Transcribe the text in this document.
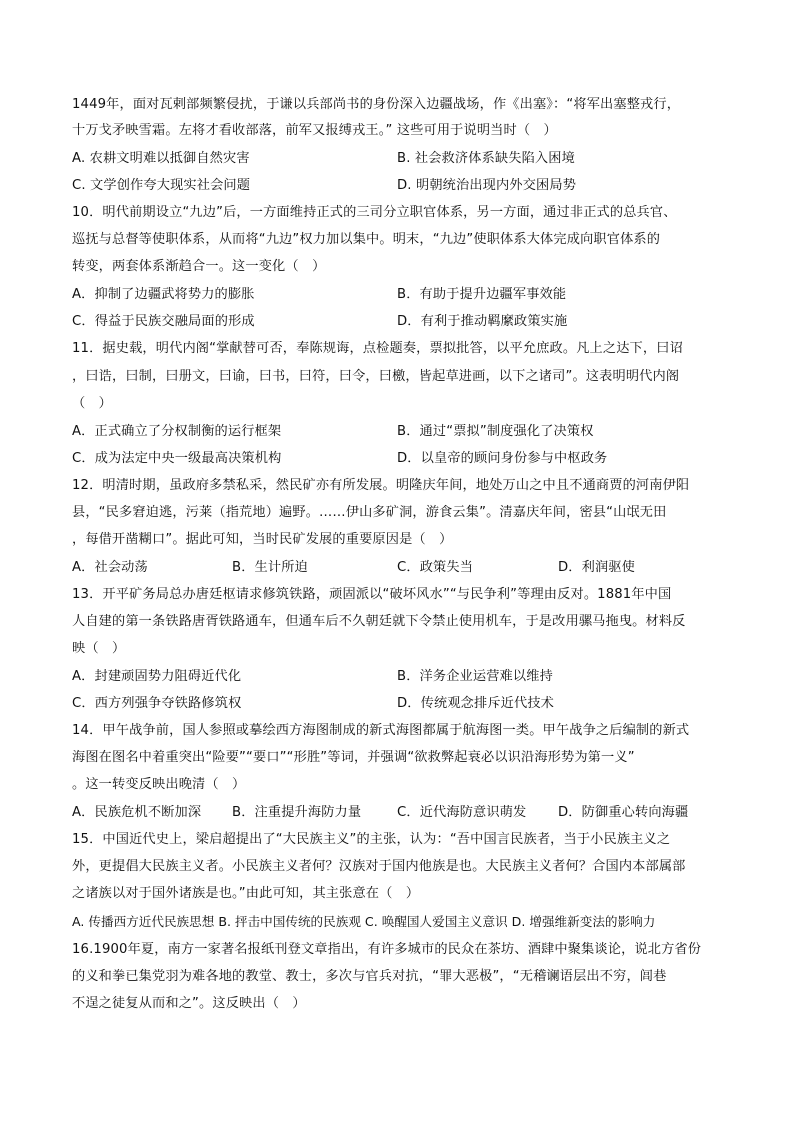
1449年，面对瓦剌部频繁侵扰，于谦以兵部尚书的身份深入边疆战场，作《出塞》：“将军出塞整戎行，
十万戈矛映雪霜。左将才看收部落，前军又报缚戎王。” 这些可用于说明当时（　）
A. 农耕文明难以抵御自然灾害	B. 社会救济体系缺失陷入困境
C. 文学创作夸大现实社会问题	D. 明朝统治出现内外交困局势
10．明代前期设立“九边”后，一方面维持正式的三司分立职官体系，另一方面，通过非正式的总兵官、
巡抚与总督等使职体系，从而将“九边”权力加以集中。明末，“九边”使职体系大体完成向职官体系的
转变，两套体系渐趋合一。这一变化（　）
A．抑制了边疆武将势力的膨胀	B．有助于提升边疆军事效能
C．得益于民族交融局面的形成	D．有利于推动羁縻政策实施
11．据史载，明代内阁“掌献替可否，奉陈规诲，点检题奏，票拟批答，以平允庶政。凡上之达下，曰诏
，曰诰，曰制，曰册文，曰谕，曰书，曰符，曰令，曰檄，皆起草进画，以下之诸司”。这表明明代内阁
（　）
A．正式确立了分权制衡的运行框架	B．通过“票拟”制度强化了决策权
C．成为法定中央一级最高决策机构	D．以皇帝的顾问身份参与中枢政务
12．明清时期，虽政府多禁私采，然民矿亦有所发展。明隆庆年间，地处万山之中且不通商贾的河南伊阳
县，“民多窘迫逃，污莱（指荒地）遍野。……伊山多矿洞，游食云集”。清嘉庆年间，密县“山氓无田
，每借开凿糊口”。据此可知，当时民矿发展的重要原因是（　）
A．社会动荡	B．生计所迫	C．政策失当	D．利润驱使
13．开平矿务局总办唐廷枢请求修筑铁路，顽固派以“破坏风水”“与民争利”等理由反对。1881年中国
人自建的第一条铁路唐胥铁路通车，但通车后不久朝廷就下令禁止使用机车，于是改用骡马拖曳。材料反
映（　）
A．封建顽固势力阻碍近代化	B．洋务企业运营难以维持
C．西方列强争夺铁路修筑权	D．传统观念排斥近代技术
14．甲午战争前，国人参照或摹绘西方海图制成的新式海图都属于航海图一类。甲午战争之后编制的新式
海图在图名中着重突出“险要”“要口”“形胜”等词，并强调“欲救弊起衰必以识沿海形势为第一义”
。这一转变反映出晚清（　）
A．民族危机不断加深 B．注重提升海防力量	C．近代海防意识萌发 D．防御重心转向海疆
15．中国近代史上，梁启超提出了“大民族主义”的主张，认为：“吾中国言民族者，当于小民族主义之
外，更提倡大民族主义者。小民族主义者何？汉族对于国内他族是也。大民族主义者何？合国内本部属部
之诸族以对于国外诸族是也。”由此可知，其主张意在（　）
A. 传播西方近代民族思想 B. 抨击中国传统的民族观 C. 唤醒国人爱国主义意识 D. 增强维新变法的影响力
16.1900年夏，南方一家著名报纸刊登文章指出，有许多城市的民众在茶坊、酒肆中聚集谈论，说北方省份
的义和拳已集党羽为难各地的教堂、教士，多次与官兵对抗，“罪大恶极”，“无稽谰语层出不穷，闾巷
不逞之徒复从而和之”。这反映出（　）
